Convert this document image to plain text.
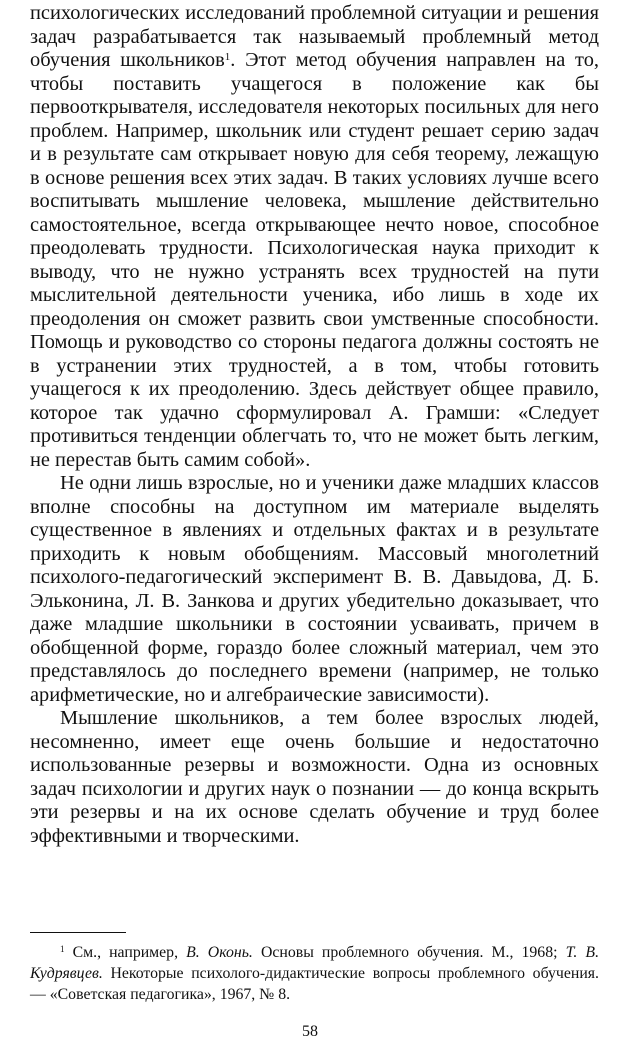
психологических исследований проблемной ситуации и решения задач разрабатывается так называемый проблемный метод обучения школьников$^1$. Этот метод обучения направлен на то, чтобы поставить учащегося в положение как бы первооткрывателя, исследователя некоторых посильных для него проблем. Например, школьник или студент решает серию задач и в результате сам открывает новую для себя теорему, лежащую в основе решения всех этих задач. В таких условиях лучше всего воспитывать мышление человека, мышление действительно самостоятельное, всегда открывающее нечто новое, способное преодолевать трудности. Психологическая наука приходит к выводу, что не нужно устранять всех трудностей на пути мыслительной деятельности ученика, ибо лишь в ходе их преодоления он сможет развить свои умственные способности. Помощь и руководство со стороны педагога должны состоять не в устранении этих трудностей, а в том, чтобы готовить учащегося к их преодолению. Здесь действует общее правило, которое так удачно сформулировал А. Грамши: «Следует противиться тенденции облегчать то, что не может быть легким, не перестав быть самим собой».

Не одни лишь взрослые, но и ученики даже младших классов вполне способны на доступном им материале выделять существенное в явлениях и отдельных фактах и в результате приходить к новым обобщениям. Массовый многолетний психолого-педагогический эксперимент В. В. Давыдова, Д. Б. Эльконина, Л. В. Занкова и других убедительно доказывает, что даже младшие школьники в состоянии усваивать, причем в обобщенной форме, гораздо более сложный материал, чем это представлялось до последнего времени (например, не только арифметические, но и алгебраические зависимости).

Мышление школьников, а тем более взрослых людей, несомненно, имеет еще очень большие и недостаточно использованные резервы и возможности. Одна из основных задач психологии и других наук о познании — до конца вскрыть эти резервы и на их основе сделать обучение и труд более эффективными и творческими.

$^1$ См., например, В. Оконь. Основы проблемного обучения. М., 1968; Т. В. Кудрявцев. Некоторые психолого-дидактические вопросы проблемного обучения. — «Советская педагогика», 1967, № 8.

58
